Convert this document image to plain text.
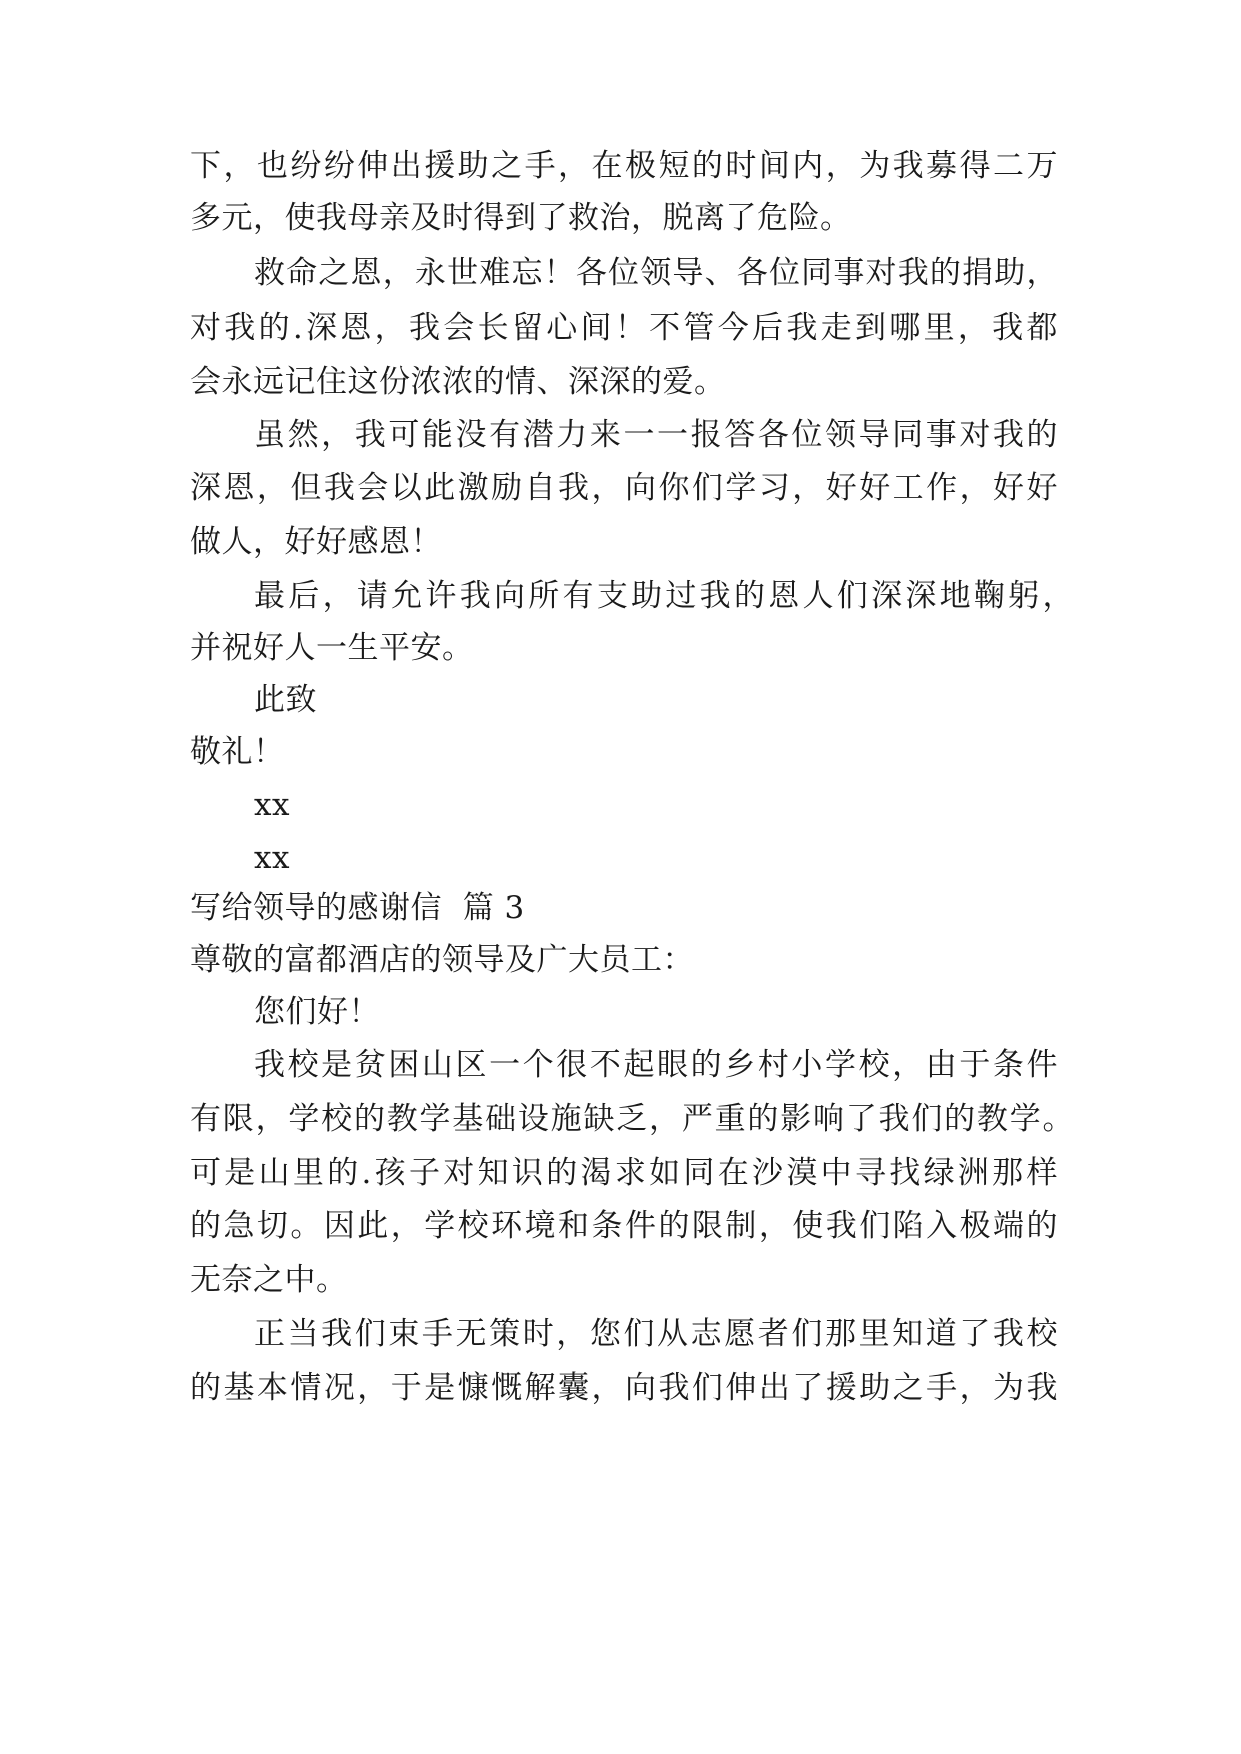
下，也纷纷伸出援助之手，在极短的时间内，为我募得二万
多元，使我母亲及时得到了救治，脱离了危险。
救命之恩，永世难忘！各位领导、各位同事对我的捐助，
对我的.深恩，我会长留心间！不管今后我走到哪里，我都
会永远记住这份浓浓的情、深深的爱。
虽然，我可能没有潜力来一一报答各位领导同事对我的
深恩，但我会以此激励自我，向你们学习，好好工作，好好
做人，好好感恩！
最后，请允许我向所有支助过我的恩人们深深地鞠躬，
并祝好人一生平安。
此致
敬礼！
xx
xx
写给领导的感谢信  篇 3
尊敬的富都酒店的领导及广大员工：
您们好！
我校是贫困山区一个很不起眼的乡村小学校，由于条件
有限，学校的教学基础设施缺乏，严重的影响了我们的教学。
可是山里的.孩子对知识的渴求如同在沙漠中寻找绿洲那样
的急切。因此，学校环境和条件的限制，使我们陷入极端的
无奈之中。
正当我们束手无策时，您们从志愿者们那里知道了我校
的基本情况，于是慷慨解囊，向我们伸出了援助之手，为我
